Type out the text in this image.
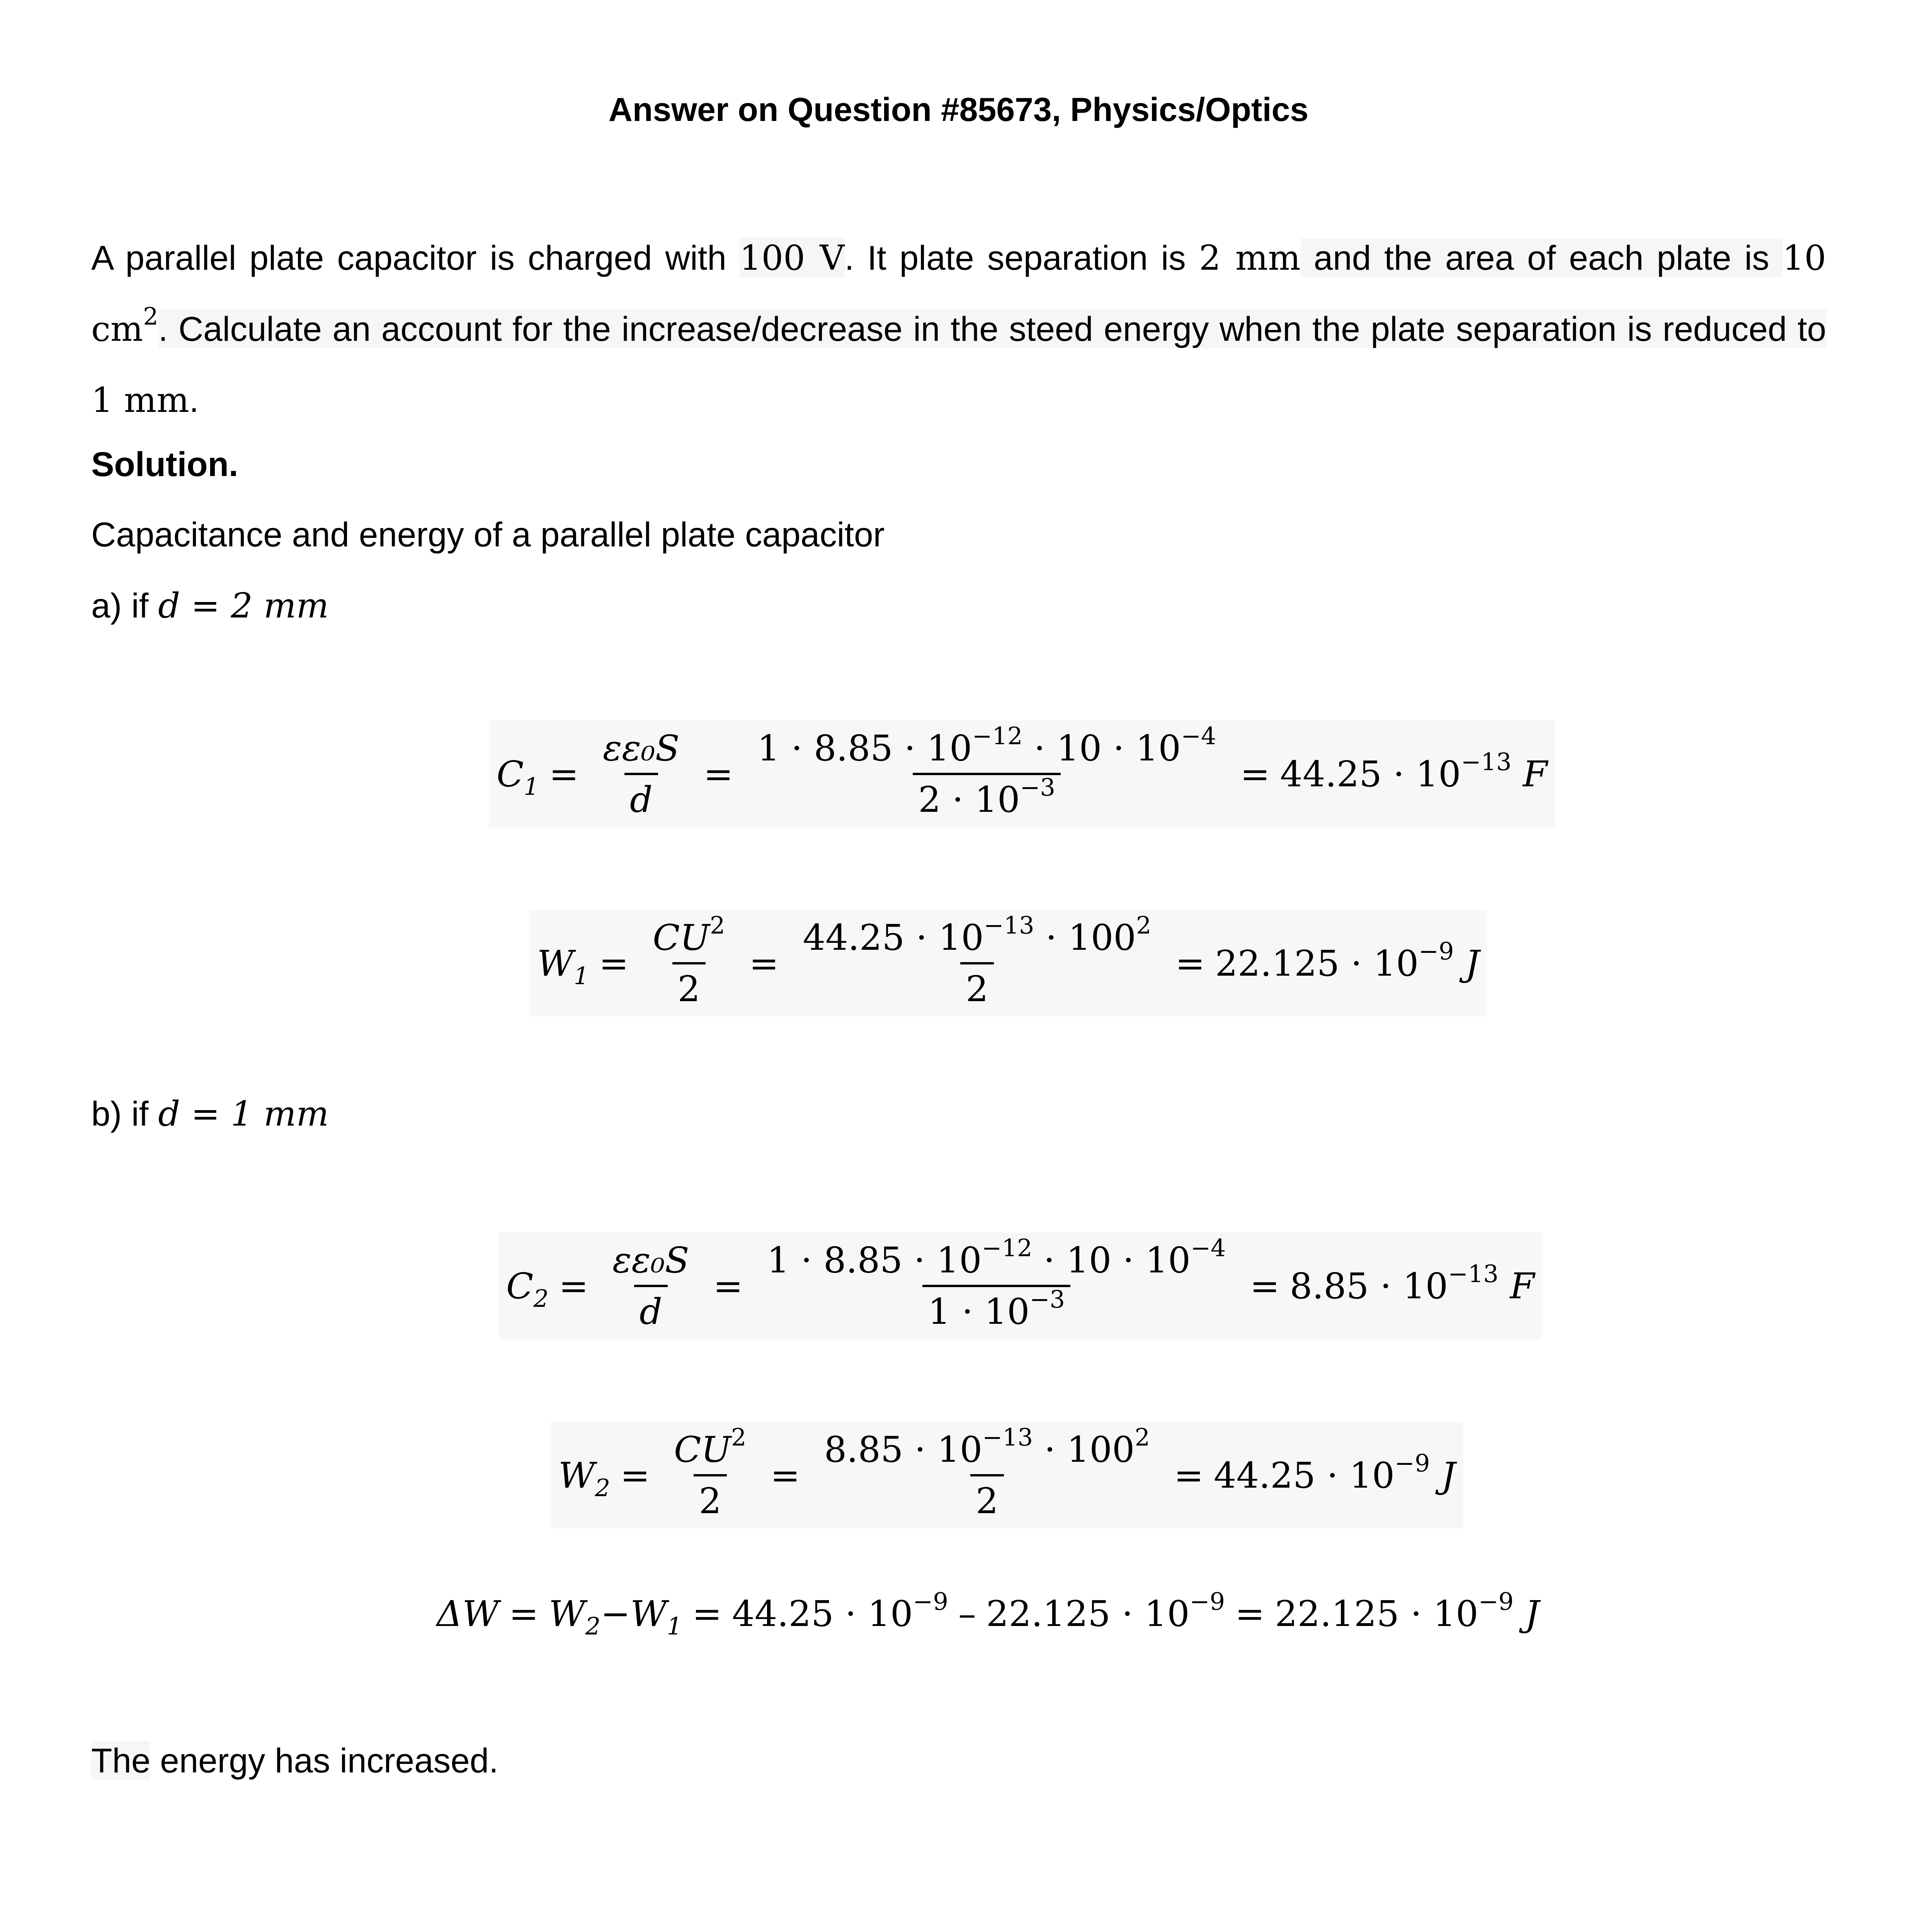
Answer on Question #85673, Physics/Optics
A parallel plate capacitor is charged with 100 V. It plate separation is 2 mm and the area of each plate is 10 $cm^2$. Calculate an account for the increase/decrease in the steed energy when the plate separation is reduced to 1 mm.
Solution.
Capacitance and energy of a parallel plate capacitor
a) if d = 2 mm
$C_1 = \frac{\text{εε₀S}}{d} = \frac{1 \cdot 8.85 \cdot 10^{-12} \cdot 10 \cdot 10^{-4}}{2 \cdot 10^{-3}} = 44.25 \cdot 10^{-13}$ F
$W_1 = \frac{CU^2}{2} = \frac{44.25 \cdot 10^{-13} \cdot 100^2}{2} = 22.125 \cdot 10^{-9}$ J
b) if d = 1 mm
$C_2 = \frac{\text{εε₀S}}{d} = \frac{1 \cdot 8.85 \cdot 10^{-12} \cdot 10 \cdot 10^{-4}}{1 \cdot 10^{-3}} = 8.85 \cdot 10^{-13}$ F
$W_2 = \frac{CU^2}{2} = \frac{8.85 \cdot 10^{-13} \cdot 100^2}{2} = 44.25 \cdot 10^{-9}$ J
$\Delta W = W_2 - W_1 = 44.25 \cdot 10^{-9} - 22.125 \cdot 10^{-9} = 22.125 \cdot 10^{-9}$ J
The energy has increased.
